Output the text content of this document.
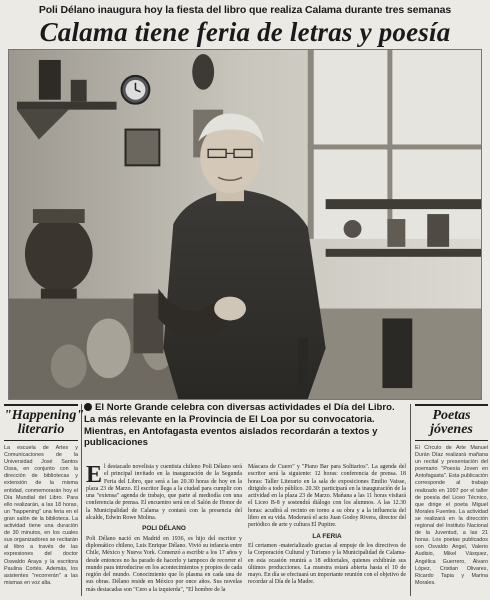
Poli Délano inaugura hoy la fiesta del libro que realiza Calama durante tres semanas
Calama tiene feria de letras y poesía
El Norte Grande celebra con diversas actividades el Día del Libro. La más relevante en la Provincia de El Loa por su convocatoria. Mientras, en Antofagasta eventos aislados recordarán a textos y publicaciones
"Happening" literario
La escuela de Artes y Comunicaciones de la Universidad José Santos Ossa, en conjunto con la dirección de bibliotecas y extensión de la misma entidad, conmemorarán hoy el Día Mundial del Libro. Para ello realizarán, a las 18 horas, un "happening" una feria en el gran salón de la biblioteca. La actividad tiene una duración de 30 minutos, en los cuales sus organizadores se recitarán al libro a través de las expresiones del doctor Oswaldo Araya y la escritora Paulina Cortés. Además, los asistentes "recorrerán" a las mismas en voz alta.
Poetas jóvenes
El Círculo de Arte Manuel Durán Díaz realizará mañana un recital y presentación del poemario "Poesía Joven en Antofagasta". Esta publicación corresponde al trabajo realizado en 1997 por el taller de poesía del Liceo Técnico, que dirige el poeta Miguel Morales Fuentes. La actividad se realizará en la dirección regional del Instituto Nacional de la Juventud, a las 21 horas. Los poetas publicados son Osvaldo Angel, Valerio Audisio, Mikel Vásquez, Angélica Guerrero, Álvaro López, Cristian Olivares, Ricardo Tapia y Marina Morales.

El destacado novelista y cuentista chileno Poli Délano será el principal invitado en la inauguración de la Segunda Feria del Libro, que será a las 20.30 horas de hoy en la plaza 23 de Marzo. El escritor llega a la ciudad para cumplir con una "extensa" agenda de trabajo, que parte al mediodía con una conferencia de prensa. El encuentro será en el Salón de Honor de la Municipalidad de Calama y contará con la presencia del alcalde, Edwin Rowe Molina.

POLI DÉLANO

Poli Délano nació en Madrid en 1936, es hijo del escritor y diplomático chileno, Luis Enrique Délano. Vivió su infancia entre Chile, México y Nueva York. Comenzó a escribir a los 17 años y desde entonces no ha parado de hacerlo y tampoco de recorrer el mundo para introducirse en los acontecimientos y propios de cada región del mundo. Conocimiento que lo plasma en cada una de sus obras. Délano reside en México por once años. Sus novelas más destacadas son "Cero a la izquierda", "El hombre de la

Máscara de Cuero" y "Piano Bar para Solitarios". La agenda del escritor será la siguiente: 12 horas: conferencia de prensa. 18 horas: Taller Literario en la sala de exposiciones Emilio Vaisse, dirigido a todo público. 20.30: participará en la inauguración de la actividad en la plaza 23 de Marzo. Mañana a las 11 horas visitará el Liceo B-8 y sostendrá diálogo con los alumnos. A las 12.30 horas: acudirá al recinto en torno a su obra y a la influencia del libro en su vida. Moderará el acto Juan Godoy Rivera, director del periódico de arte y cultura El Pupitre.

LA FERIA

El certamen -materializado gracias al empuje de los directivos de la Corporación Cultural y Turismo y la Municipalidad de Calama- en esta ocasión reunirá a 18 editoriales, quienes exhibirán sus últimos producciones. La muestra estará abierta hasta el 10 de mayo. En día se efectuará un importante reunión con el objetivo de recordar al Día de la Madre.
